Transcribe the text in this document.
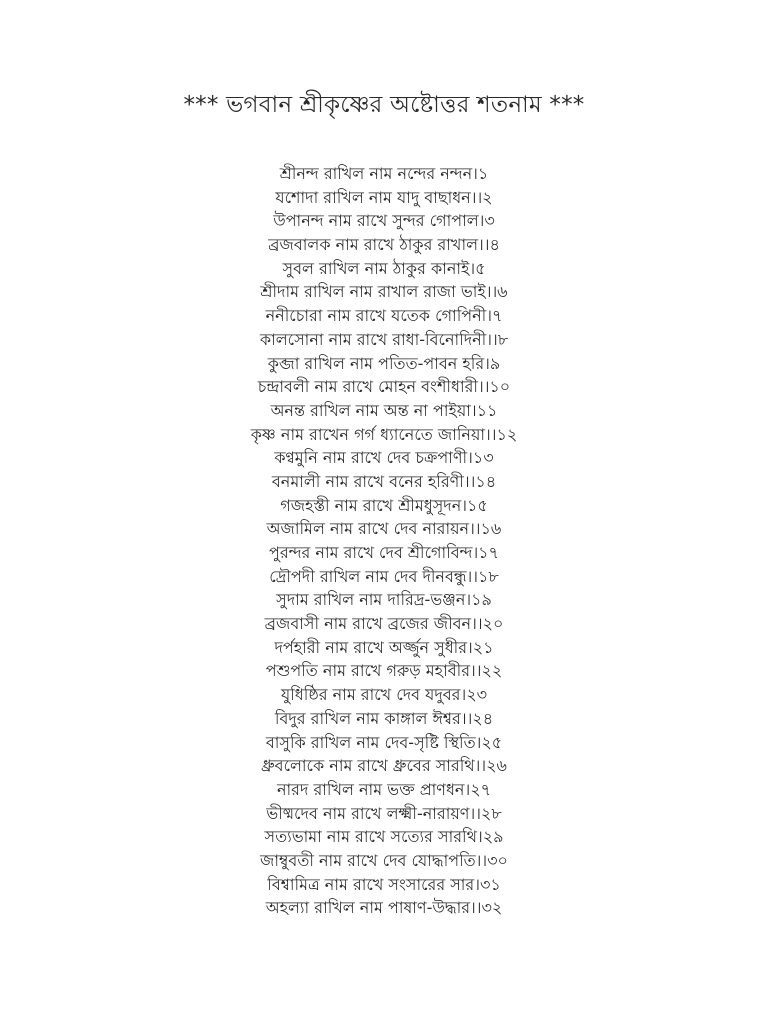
*** ভগবান শ্রীকৃষ্ণের অষ্টোত্তর শতনাম ***
শ্রীনন্দ রাখিল নাম নন্দের নন্দন।১
যশোদা রাখিল নাম যাদু বাছাধন।।২
উপানন্দ নাম রাখে সুন্দর গোপাল।৩
ব্রজবালক নাম রাখে ঠাকুর রাখাল।।৪
সুবল রাখিল নাম ঠাকুর কানাই।৫
শ্রীদাম রাখিল নাম রাখাল রাজা ভাই।।৬
ননীচোরা নাম রাখে যতেক গোপিনী।৭
কালসোনা নাম রাখে রাধা-বিনোদিনী।।৮
কুব্জা রাখিল নাম পতিত-পাবন হরি।৯
চন্দ্রাবলী নাম রাখে মোহন বংশীধারী।।১০
অনন্ত রাখিল নাম অন্ত না পাইয়া।১১
কৃষ্ণ নাম রাখেন গর্গ ধ্যানেতে জানিয়া।।১২
কণ্বমুনি নাম রাখে দেব চক্রপাণী।১৩
বনমালী নাম রাখে বনের হরিণী।।১৪
গজহস্তী নাম রাখে শ্রীমধুসূদন।১৫
অজামিল নাম রাখে দেব নারায়ন।।১৬
পুরন্দর নাম রাখে দেব শ্রীগোবিন্দ।১৭
দ্রৌপদী রাখিল নাম দেব দীনবন্ধু।।১৮
সুদাম রাখিল নাম দারিদ্র-ভঞ্জন।১৯
ব্রজবাসী নাম রাখে ব্রজের জীবন।।২০
দর্পহারী নাম রাখে অর্জ্জুন সুধীর।২১
পশুপতি নাম রাখে গরুড় মহাবীর।।২২
যুধিষ্ঠির নাম রাখে দেব যদুবর।২৩
বিদুর রাখিল নাম কাঙ্গাল ঈশ্বর।।২৪
বাসুকি রাখিল নাম দেব-সৃষ্টি স্থিতি।২৫
ধ্রুবলোকে নাম রাখে ধ্রুবের সারথি।।২৬
নারদ রাখিল নাম ভক্ত প্রাণধন।২৭
ভীষ্মদেব নাম রাখে লক্ষ্মী-নারায়ণ।।২৮
সত্যভামা নাম রাখে সত্যের সারথি।২৯
জাম্বুবতী নাম রাখে দেব যোদ্ধাপতি।।৩০
বিশ্বামিত্র নাম রাখে সংসারের সার।৩১
অহল্যা রাখিল নাম পাষাণ-উদ্ধার।।৩২
